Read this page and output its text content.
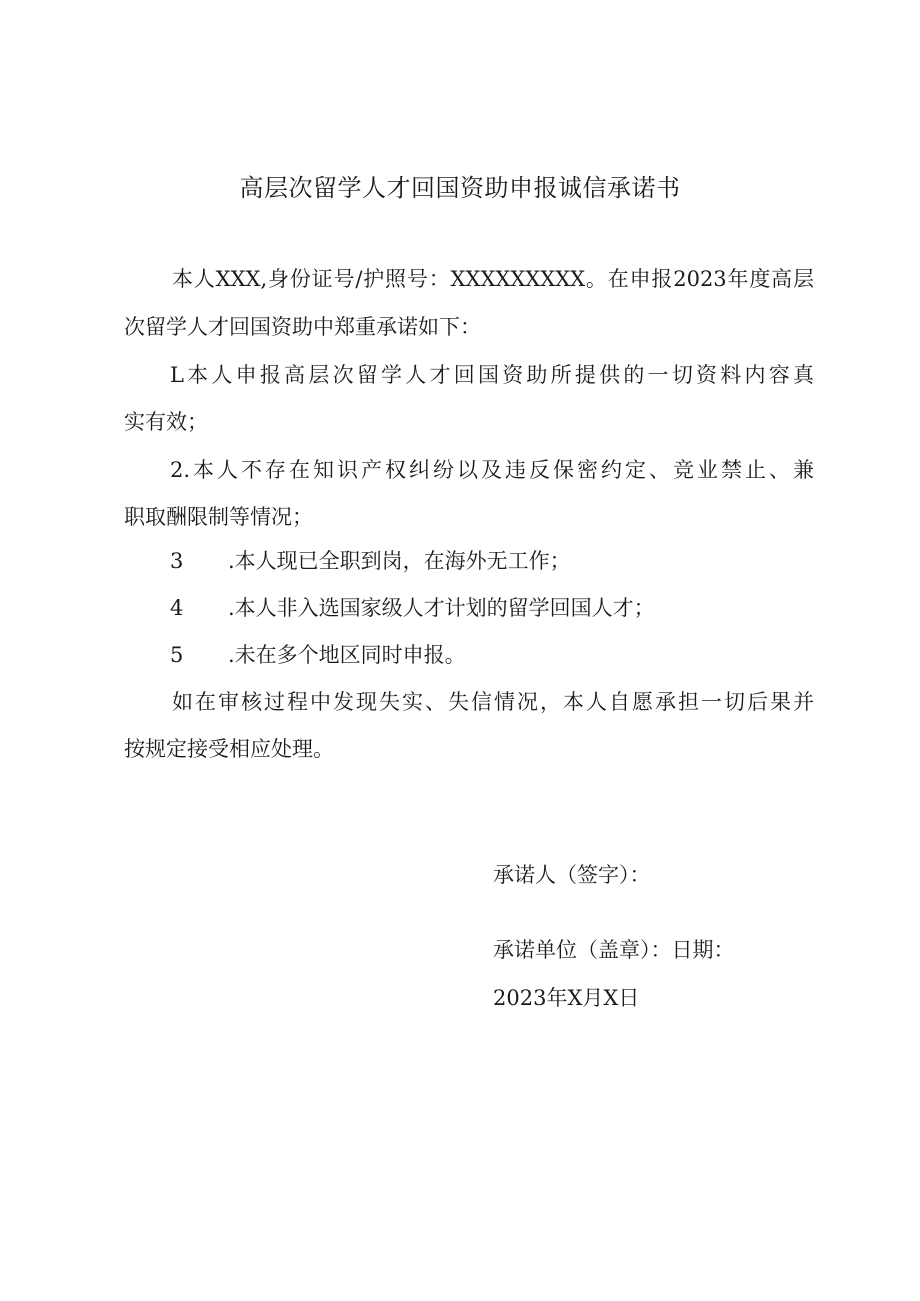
高层次留学人才回国资助申报诚信承诺书
本人XXX,身份证号/护照号：XXXXXXXXX。在申报2023年度高层
次留学人才回国资助中郑重承诺如下：
L本人申报高层次留学人才回国资助所提供的一切资料内容真
实有效；
2.本人不存在知识产权纠纷以及违反保密约定、竞业禁止、兼
职取酬限制等情况；
3 .本人现已全职到岗，在海外无工作；
4 .本人非入选国家级人才计划的留学回国人才；
5 .未在多个地区同时申报。
如在审核过程中发现失实、失信情况，本人自愿承担一切后果并
按规定接受相应处理。
承诺人（签字）：
承诺单位（盖章）：日期：
2023年X月X日
